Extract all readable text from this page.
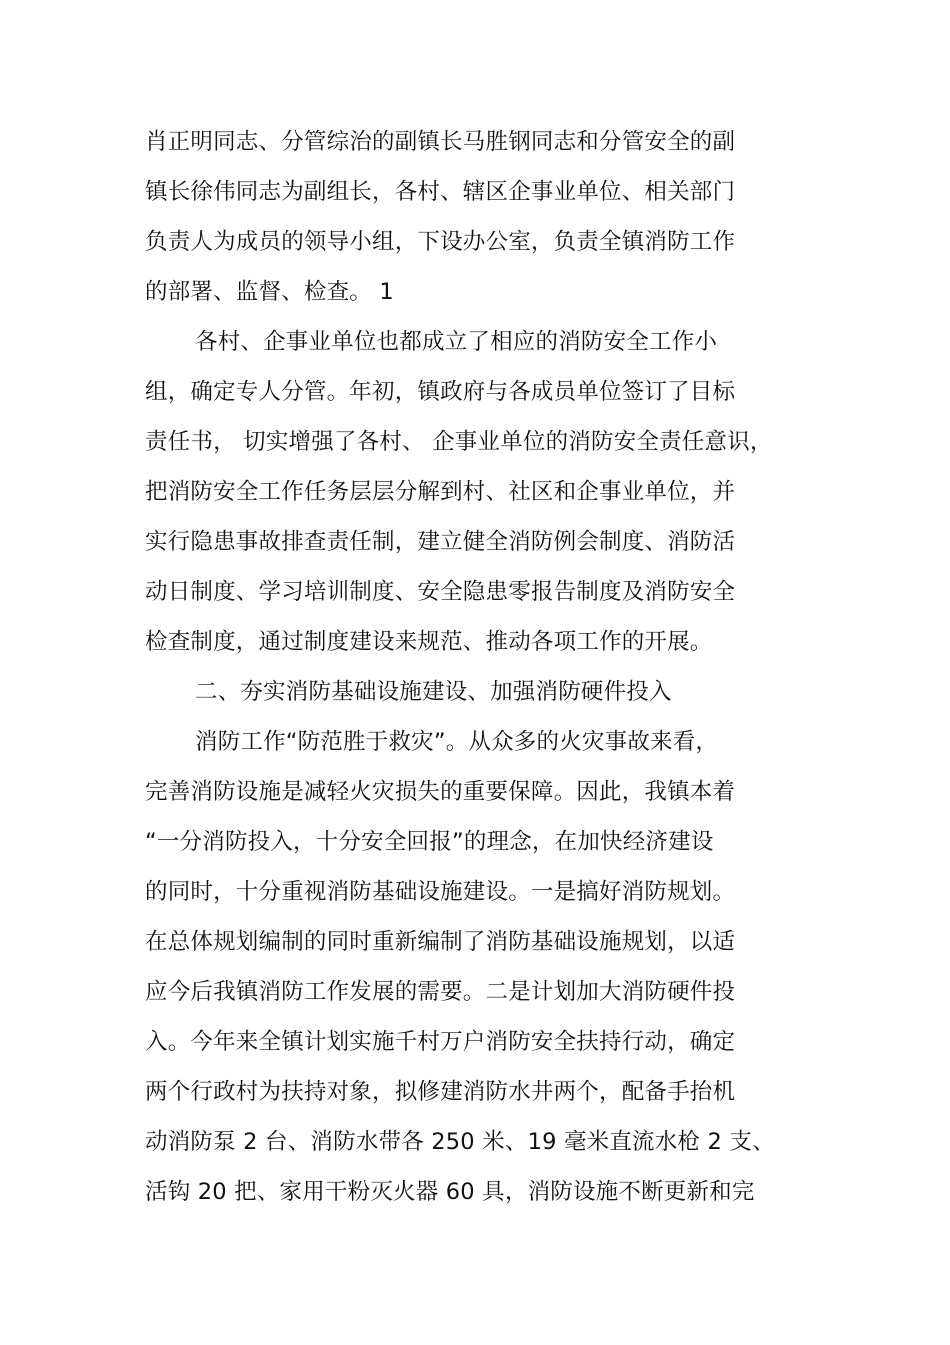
肖正明同志、分管综治的副镇长马胜钢同志和分管安全的副
镇长徐伟同志为副组长，各村、辖区企事业单位、相关部门
负责人为成员的领导小组，下设办公室，负责全镇消防工作
的部署、监督、检查。 1
各村、企事业单位也都成立了相应的消防安全工作小
组，确定专人分管。年初，镇政府与各成员单位签订了目标
责任书， 切实增强了各村、 企事业单位的消防安全责任意识，
把消防安全工作任务层层分解到村、社区和企事业单位，并
实行隐患事故排查责任制，建立健全消防例会制度、消防活
动日制度、学习培训制度、安全隐患零报告制度及消防安全
检查制度，通过制度建设来规范、推动各项工作的开展。
二、夯实消防基础设施建设、加强消防硬件投入
消防工作“防范胜于救灾”。从众多的火灾事故来看，
完善消防设施是减轻火灾损失的重要保障。因此，我镇本着
“一分消防投入，十分安全回报”的理念，在加快经济建设
的同时，十分重视消防基础设施建设。一是搞好消防规划。
在总体规划编制的同时重新编制了消防基础设施规划，以适
应今后我镇消防工作发展的需要。二是计划加大消防硬件投
入。今年来全镇计划实施千村万户消防安全扶持行动，确定
两个行政村为扶持对象，拟修建消防水井两个，配备手抬机
动消防泵 2 台、消防水带各 250 米、19 毫米直流水枪 2 支、
活钩 20 把、家用干粉灭火器 60 具，消防设施不断更新和完
